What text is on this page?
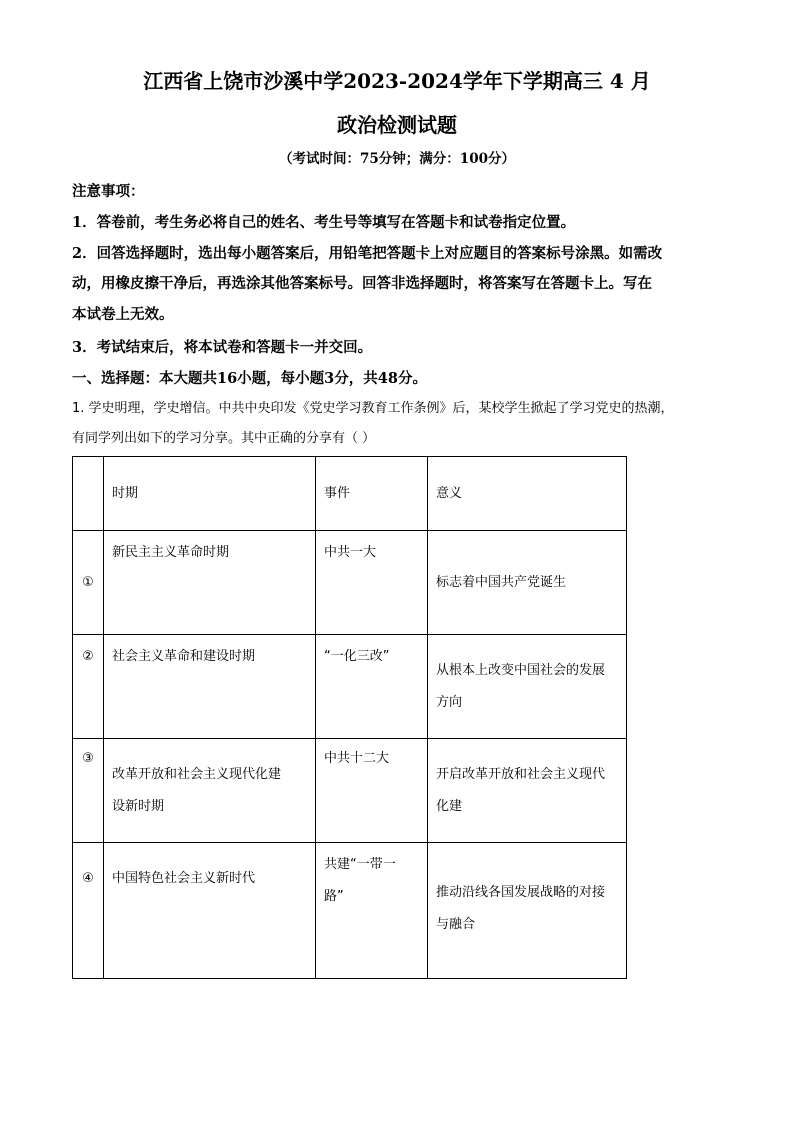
江西省上饶市沙溪中学2023-2024学年下学期高三 4 月
政治检测试题
（考试时间：75分钟；满分：100分）
注意事项：
1．答卷前，考生务必将自己的姓名、考生号等填写在答题卡和试卷指定位置。
2．回答选择题时，选出每小题答案后，用铅笔把答题卡上对应题目的答案标号涂黑。如需改
动，用橡皮擦干净后，再选涂其他答案标号。回答非选择题时，将答案写在答题卡上。写在
本试卷上无效。
3．考试结束后，将本试卷和答题卡一并交回。
一、选择题：本大题共16小题，每小题3分，共48分。
1. 学史明理，学史增信。中共中央印发《党史学习教育工作条例》后，某校学生掀起了学习党史的热潮，
有同学列出如下的学习分享。其中正确的分享有（ ）

	时期	事件	意义

①	新民主主义革命时期	中共一大	标志着中国共产党诞生

②	社会主义革命和建设时期	“一化三改”	从根本上改变中国社会的发展
方向

③	改革开放和社会主义现代化建
设新时期	中共十二大	开启改革开放和社会主义现代
化建

④	中国特色社会主义新时代	共建“一带一
路”	推动沿线各国发展战略的对接
与融合
